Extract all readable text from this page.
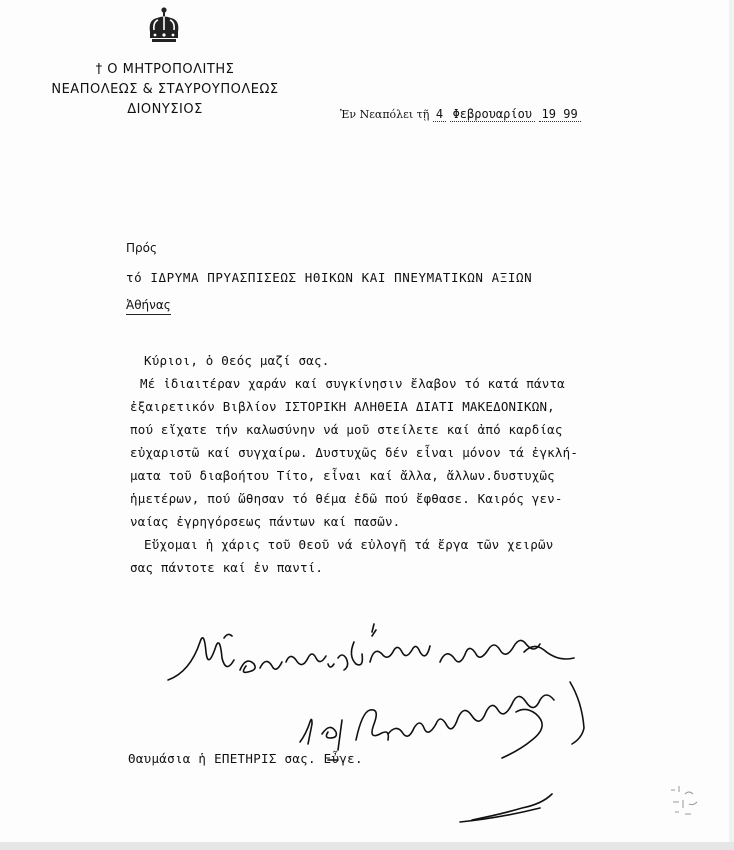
† Ο ΜΗΤΡΟΠΟΛΙΤΗΣ
ΝΕΑΠΟΛΕΩΣ & ΣΤΑΥΡΟΥΠΟΛΕΩΣ
ΔΙΟΝΥΣΙΟΣ	Ἐν Νεαπόλει τῇ 4 Φεβρουαρίου 19 99
Πρός
τό ΙΔΡΥΜΑ ΠΡΥΑΣΠΙΣΕΩΣ ΗΘΙΚΩΝ ΚΑΙ ΠΝΕΥΜΑΤΙΚΩΝ ΑΞΙΩΝ
Ἀθήνας

Κύριοι, ὁ Θεός μαζί σας.

Μέ ἰδιαιτέραν χαράν καί συγκίνησιν ἔλαβον τό κατά πάντα

ἐξαιρετικόν Βιβλίον ΙΣΤΟΡΙΚΗ ΑΛΗΘΕΙΑ ΔΙΑΤΙ ΜΑΚΕΔΟΝΙΚΩΝ,

πού εἴχατε τήν καλωσύνην νά μοῦ στείλετε καί ἀπό καρδίας

εὐχαριστῶ καί συγχαίρω. Δυστυχῶς δέν εἶναι μόνον τά ἐγκλή-

ματα τοῦ διαβοήτου Τίτο, εἶναι καί ἄλλα, ἄλλων.δυστυχῶς

ἡμετέρων, πού ὤθησαν τό θέμα ἐδῶ πού ἔφθασε. Καιρός γεν-

ναίας ἐγρηγόρσεως πάντων καί πασῶν.

Εὔχομαι ἡ χάρις τοῦ Θεοῦ νά εὐλογῆ τά ἔργα τῶν χειρῶν

σας πάντοτε καί ἐν παντί.

Θαυμάσια ἡ ΕΠΕΤΗΡΙΣ σας. Εὖγε.
